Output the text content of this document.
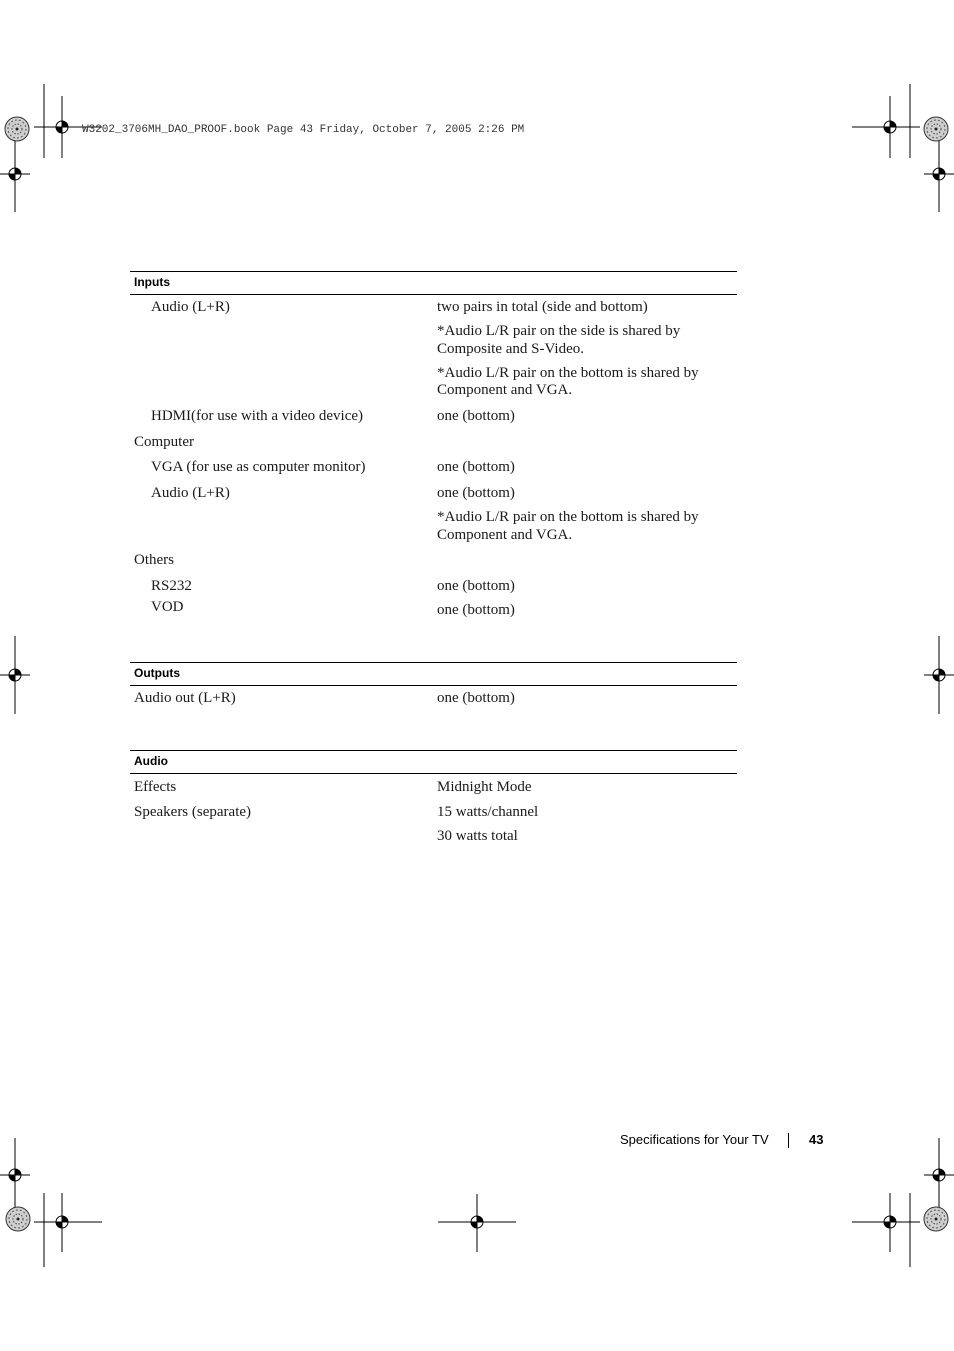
W3202_3706MH_DAO_PROOF.book Page 43 Friday, October 7, 2005 2:26 PM
Inputs
Audio (L+R)	two pairs in total (side and bottom)
*Audio L/R pair on the side is shared by
Composite and S-Video.
*Audio L/R pair on the bottom is shared by
Component and VGA.
HDMI(for use with a video device)	one (bottom)
Computer
VGA (for use as computer monitor)	one (bottom)
Audio (L+R)	one (bottom)
*Audio L/R pair on the bottom is shared by
Component and VGA.
Others
RS232	one (bottom)
VOD	one (bottom)
Outputs
Audio out (L+R)	one (bottom)
Audio
Effects	Midnight Mode
Speakers (separate)	15 watts/channel
30 watts total
Specifications for Your TV	43
